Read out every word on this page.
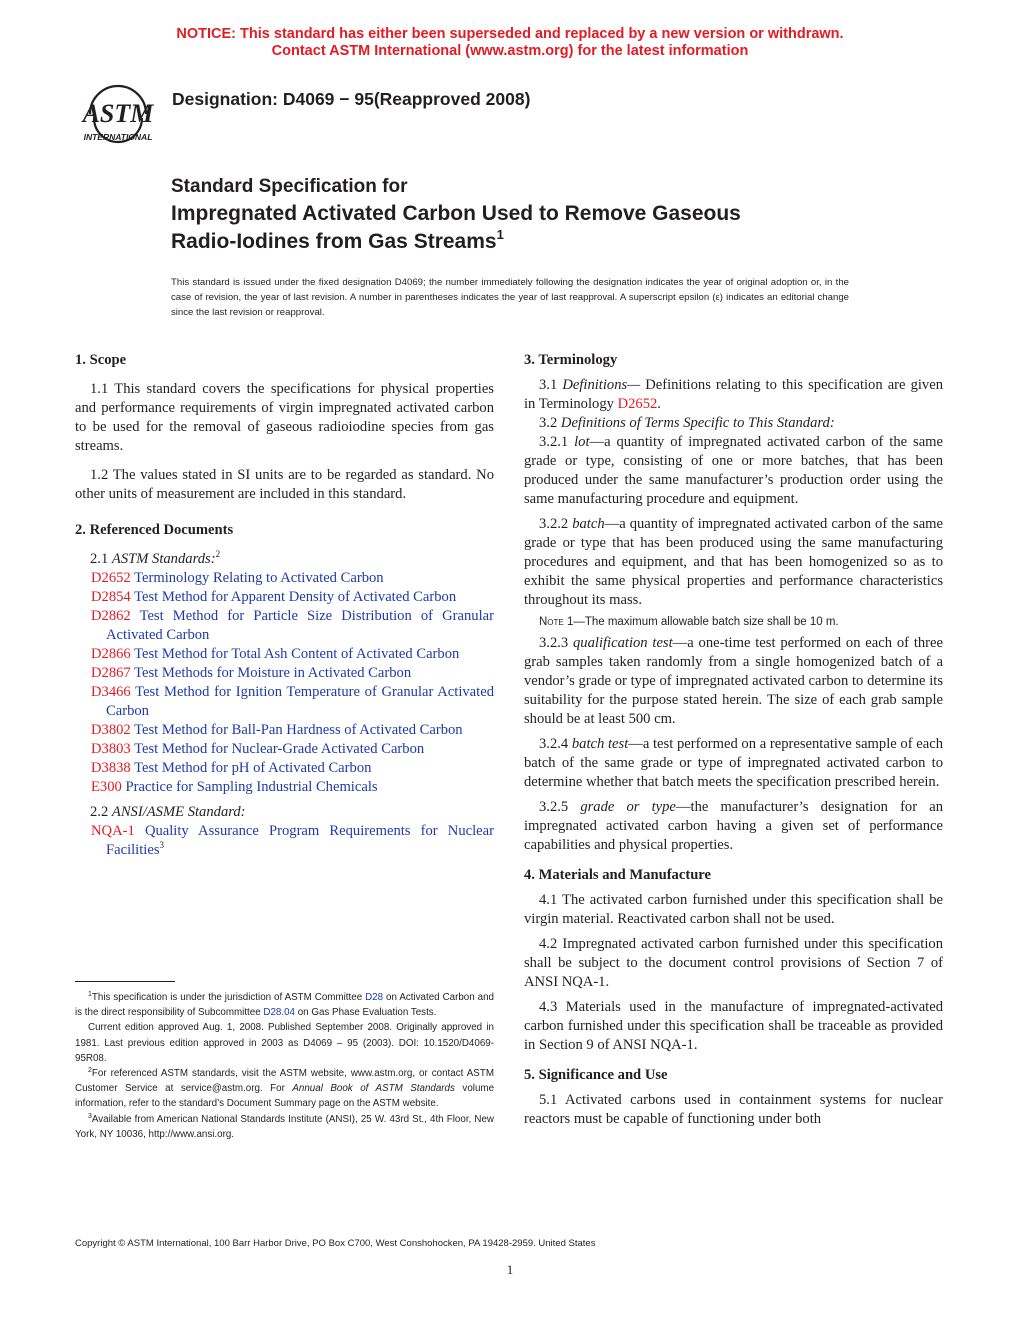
NOTICE: This standard has either been superseded and replaced by a new version or withdrawn.
Contact ASTM International (www.astm.org) for the latest information
ASTM
INTERNATIONAL
Designation: D4069 − 95(Reapproved 2008)
Standard Specification for
Impregnated Activated Carbon Used to Remove Gaseous
Radio-Iodines from Gas Streams$^1$
This standard is issued under the fixed designation D4069; the number immediately following the designation indicates the year of original adoption or, in the case of revision, the year of last revision. A number in parentheses indicates the year of last reapproval. A superscript epsilon (ε) indicates an editorial change since the last revision or reapproval.
1. Scope

1.1 This standard covers the specifications for physical properties and performance requirements of virgin impregnated activated carbon to be used for the removal of gaseous radioiodine species from gas streams.

1.2 The values stated in SI units are to be regarded as standard. No other units of measurement are included in this standard.

2. Referenced Documents

2.1 ASTM Standards:$^2$

D2652 Terminology Relating to Activated Carbon
D2854 Test Method for Apparent Density of Activated Carbon
D2862 Test Method for Particle Size Distribution of Granular Activated Carbon
D2866 Test Method for Total Ash Content of Activated Carbon
D2867 Test Methods for Moisture in Activated Carbon
D3466 Test Method for Ignition Temperature of Granular Activated Carbon
D3802 Test Method for Ball-Pan Hardness of Activated Carbon
D3803 Test Method for Nuclear-Grade Activated Carbon
D3838 Test Method for pH of Activated Carbon
E300 Practice for Sampling Industrial Chemicals

2.2 ANSI/ASME Standard:

NQA-1 Quality Assurance Program Requirements for Nuclear Facilities$^3$

$^1$This specification is under the jurisdiction of ASTM Committee D28 on Activated Carbon and is the direct responsibility of Subcommittee D28.04 on Gas Phase Evaluation Tests.

Current edition approved Aug. 1, 2008. Published September 2008. Originally approved in 1981. Last previous edition approved in 2003 as D4069 – 95 (2003). DOI: 10.1520/D4069-95R08.

$^2$For referenced ASTM standards, visit the ASTM website, www.astm.org, or contact ASTM Customer Service at service@astm.org. For Annual Book of ASTM Standards volume information, refer to the standard’s Document Summary page on the ASTM website.

$^3$Available from American National Standards Institute (ANSI), 25 W. 43rd St., 4th Floor, New York, NY 10036, http://www.ansi.org.

3. Terminology

3.1 Definitions— Definitions relating to this specification are given in Terminology D2652.

3.2 Definitions of Terms Specific to This Standard:

3.2.1 lot—a quantity of impregnated activated carbon of the same grade or type, consisting of one or more batches, that has been produced under the same manufacturer’s production order using the same manufacturing procedure and equipment.

3.2.2 batch—a quantity of impregnated activated carbon of the same grade or type that has been produced using the same manufacturing procedures and equipment, and that has been homogenized so as to exhibit the same physical properties and performance characteristics throughout its mass.

Note 1—The maximum allowable batch size shall be 10 m.

3.2.3 qualification test—a one-time test performed on each of three grab samples taken randomly from a single homogenized batch of a vendor’s grade or type of impregnated activated carbon to determine its suitability for the purpose stated herein. The size of each grab sample should be at least 500 cm.

3.2.4 batch test—a test performed on a representative sample of each batch of the same grade or type of impregnated activated carbon to determine whether that batch meets the specification prescribed herein.

3.2.5 grade or type—the manufacturer’s designation for an impregnated activated carbon having a given set of performance capabilities and physical properties.

4. Materials and Manufacture

4.1 The activated carbon furnished under this specification shall be virgin material. Reactivated carbon shall not be used.

4.2 Impregnated activated carbon furnished under this specification shall be subject to the document control provisions of Section 7 of ANSI NQA-1.

4.3 Materials used in the manufacture of impregnated-activated carbon furnished under this specification shall be traceable as provided in Section 9 of ANSI NQA-1.

5. Significance and Use

5.1 Activated carbons used in containment systems for nuclear reactors must be capable of functioning under both

Copyright © ASTM International, 100 Barr Harbor Drive, PO Box C700, West Conshohocken, PA 19428-2959. United States
1
